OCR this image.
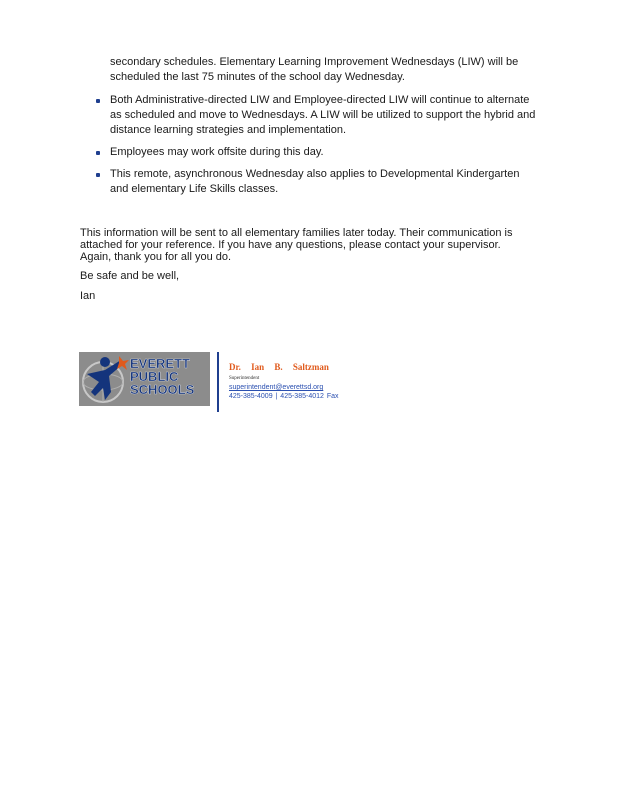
secondary schedules. Elementary Learning Improvement Wednesdays (LIW) will be scheduled the last 75 minutes of the school day Wednesday.
Both Administrative-directed LIW and Employee-directed LIW will continue to alternate as scheduled and move to Wednesdays. A LIW will be utilized to support the hybrid and distance learning strategies and implementation.
Employees may work offsite during this day.
This remote, asynchronous Wednesday also applies to Developmental Kindergarten and elementary Life Skills classes.
This information will be sent to all elementary families later today. Their communication is attached for your reference. If you have any questions, please contact your supervisor. Again, thank you for all you do.
Be safe and be well,
Ian
EVERETT
PUBLIC
SCHOOLS
Dr. Ian B. Saltzman
Superintendent
superintendent@everettsd.org
425-385-4009 | 425-385-4012 Fax
